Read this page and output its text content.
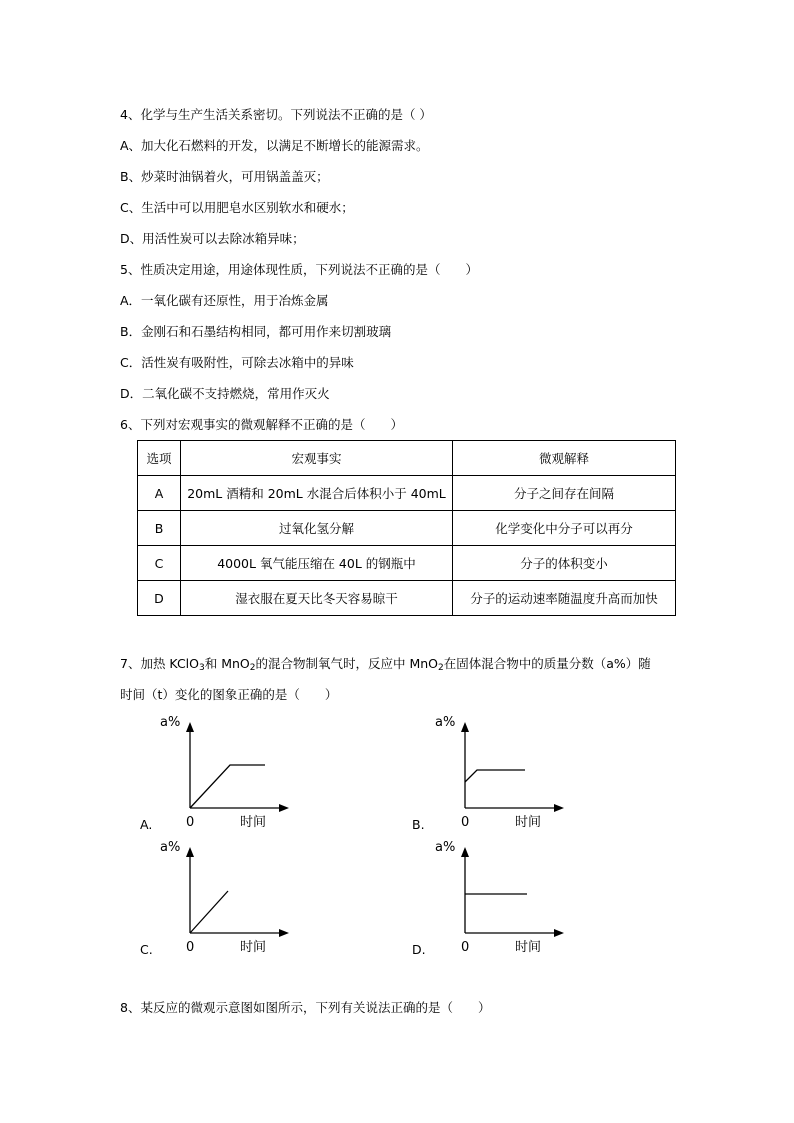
4、化学与生产生活关系密切。下列说法不正确的是（ ）
A、加大化石燃料的开发，以满足不断增长的能源需求。
B、炒菜时油锅着火，可用锅盖盖灭；
C、生活中可以用肥皂水区别软水和硬水；
D、用活性炭可以去除冰箱异味；
5、性质决定用途，用途体现性质，下列说法不正确的是（　　）
A．一氧化碳有还原性，用于冶炼金属
B．金刚石和石墨结构相同，都可用作来切割玻璃
C．活性炭有吸附性，可除去冰箱中的异味
D．二氧化碳不支持燃烧，常用作灭火
6、下列对宏观事实的微观解释不正确的是（　　）
选项	宏观事实	微观解释
A	20mL 酒精和 20mL 水混合后体积小于 40mL	分子之间存在间隔
B	过氧化氢分解	化学变化中分子可以再分
C	4000L 氧气能压缩在 40L 的钢瓶中	分子的体积变小
D	湿衣服在夏天比冬天容易晾干	分子的运动速率随温度升高而加快
7、加热 KClO$_3$和 MnO$_2$的混合物制氧气时，反应中 MnO$_2$在固体混合物中的质量分数（a%）随
时间（t）变化的图象正确的是（　　）
A.
a%
0	时间	B.
a%
0	时间
C.
a%
0	时间	D.
a%
0	时间
8、某反应的微观示意图如图所示，下列有关说法正确的是（　　）
